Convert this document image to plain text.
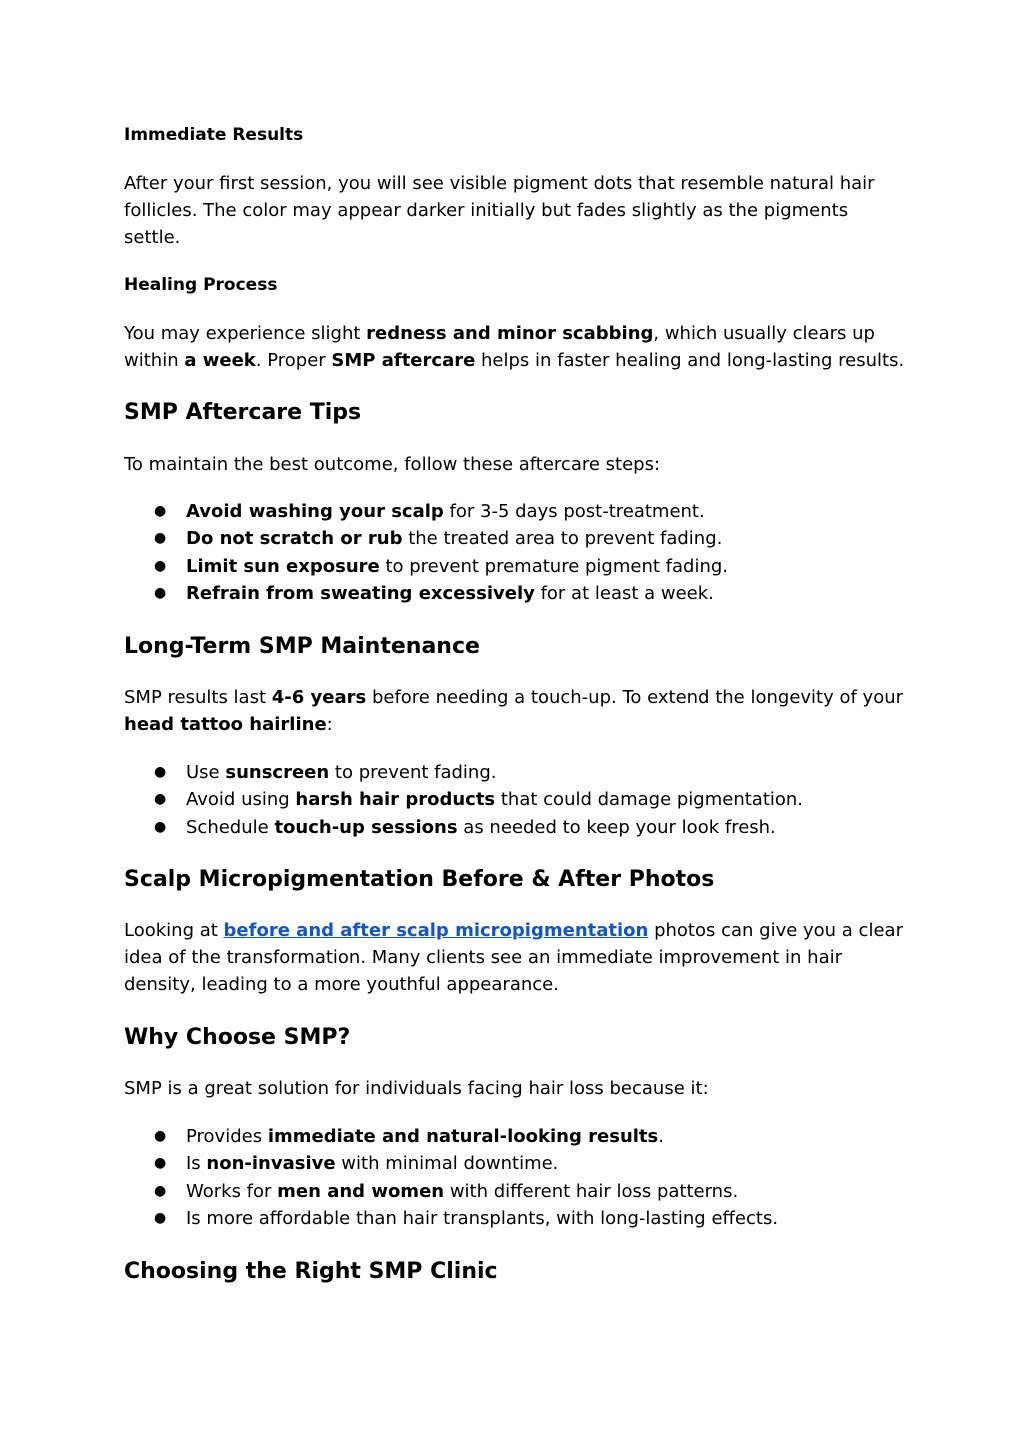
Immediate Results

After your first session, you will see visible pigment dots that resemble natural hair follicles. The color may appear darker initially but fades slightly as the pigments settle.

Healing Process

You may experience slight redness and minor scabbing, which usually clears up within a week. Proper SMP aftercare helps in faster healing and long-lasting results.

SMP Aftercare Tips

To maintain the best outcome, follow these aftercare steps:

● Avoid washing your scalp for 3-5 days post-treatment.
● Do not scratch or rub the treated area to prevent fading.
● Limit sun exposure to prevent premature pigment fading.
● Refrain from sweating excessively for at least a week.
Long-Term SMP Maintenance

SMP results last 4-6 years before needing a touch-up. To extend the longevity of your head tattoo hairline:

● Use sunscreen to prevent fading.
● Avoid using harsh hair products that could damage pigmentation.
● Schedule touch-up sessions as needed to keep your look fresh.
Scalp Micropigmentation Before & After Photos

Looking at before and after scalp micropigmentation photos can give you a clear idea of the transformation. Many clients see an immediate improvement in hair density, leading to a more youthful appearance.

Why Choose SMP?

SMP is a great solution for individuals facing hair loss because it:

● Provides immediate and natural-looking results.
● Is non-invasive with minimal downtime.
● Works for men and women with different hair loss patterns.
● Is more affordable than hair transplants, with long-lasting effects.
Choosing the Right SMP Clinic
